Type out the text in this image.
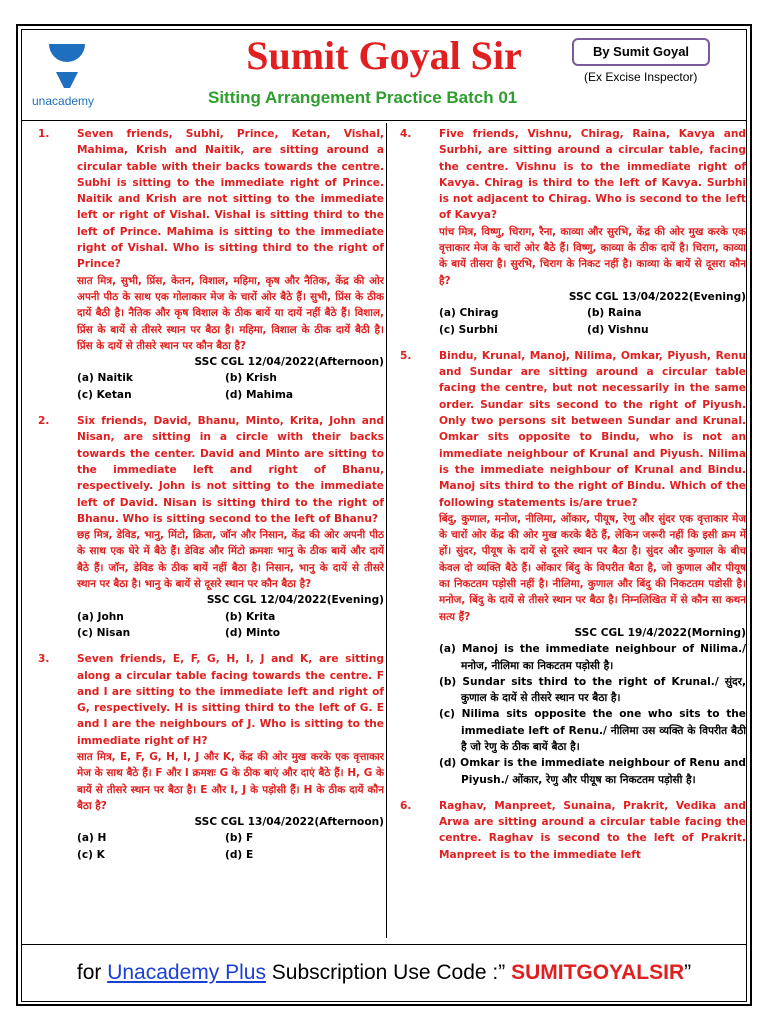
unacademy
Sumit Goyal Sir
Sitting Arrangement Practice Batch 01
By Sumit Goyal
(Ex Excise Inspector)
1.	Seven friends, Subhi, Prince, Ketan, Vishal, Mahima, Krish and Naitik, are sitting around a circular table with their backs towards the centre. Subhi is sitting to the immediate right of Prince. Naitik and Krish are not sitting to the immediate left or right of Vishal. Vishal is sitting third to the left of Prince. Mahima is sitting to the immediate right of Vishal. Who is sitting third to the right of Prince?
सात मित्र, सुभी, प्रिंस, केतन, विशाल, महिमा, कृष और नैतिक, केंद्र की ओर अपनी पीठ के साथ एक गोलाकार मेज के चारों ओर बैठे हैं। सुभी, प्रिंस के ठीक दायें बैठी है। नैतिक और कृष विशाल के ठीक बायें या दायें नहीं बैठे हैं। विशाल, प्रिंस के बायें से तीसरे स्थान पर बैठा है। महिमा, विशाल के ठीक दायें बैठी है। प्रिंस के दायें से तीसरे स्थान पर कौन बैठा है?
SSC CGL 12/04/2022(Afternoon)
(a) Naitik	(b) Krish
(c) Ketan	(d) Mahima
2.	Six friends, David, Bhanu, Minto, Krita, John and Nisan, are sitting in a circle with their backs towards the center. David and Minto are sitting to the immediate left and right of Bhanu, respectively. John is not sitting to the immediate left of David. Nisan is sitting third to the right of Bhanu. Who is sitting second to the left of Bhanu?
छह मित्र, डेविड, भानु, मिंटो, क्रिता, जॉन और निसान, केंद्र की ओर अपनी पीठ के साथ एक घेरे में बैठे हैं। डेविड और मिंटो क्रमशः भानु के ठीक बायें और दायें बैठे हैं। जॉन, डेविड के ठीक बायें नहीं बैठा है। निसान, भानु के दायें से तीसरे स्थान पर बैठा है। भानु के बायें से दूसरे स्थान पर कौन बैठा है?
SSC CGL 12/04/2022(Evening)
(a) John	(b) Krita
(c) Nisan	(d) Minto
3.	Seven friends, E, F, G, H, I, J and K, are sitting along a circular table facing towards the centre. F and I are sitting to the immediate left and right of G, respectively. H is sitting third to the left of G. E and I are the neighbours of J. Who is sitting to the immediate right of H?
सात मित्र, E, F, G, H, I, J और K, केंद्र की ओर मुख करके एक वृत्ताकार मेज के साथ बैठे हैं। F और I क्रमशः G के ठीक बाएं और दाएं बैठे हैं। H, G के बायें से तीसरे स्थान पर बैठा है। E और I, J के पड़ोसी हैं। H के ठीक दायें कौन बैठा है?
SSC CGL 13/04/2022(Afternoon)
(a) H	(b) F
(c) K	(d) E
4.	Five friends, Vishnu, Chirag, Raina, Kavya and Surbhi, are sitting around a circular table, facing the centre. Vishnu is to the immediate right of Kavya. Chirag is third to the left of Kavya. Surbhi is not adjacent to Chirag. Who is second to the left of Kavya?
पांच मित्र, विष्णु, चिराग, रैना, काव्या और सुरभि, केंद्र की ओर मुख करके एक वृत्ताकार मेज के चारों ओर बैठे हैं। विष्णु, काव्या के ठीक दायें है। चिराग, काव्या के बायें तीसरा है। सुरभि, चिराग के निकट नहीं है। काव्या के बायें से दूसरा कौन है?
SSC CGL 13/04/2022(Evening)
(a) Chirag	(b) Raina
(c) Surbhi	(d) Vishnu
5.	Bindu, Krunal, Manoj, Nilima, Omkar, Piyush, Renu and Sundar are sitting around a circular table facing the centre, but not necessarily in the same order. Sundar sits second to the right of Piyush. Only two persons sit between Sundar and Krunal. Omkar sits opposite to Bindu, who is not an immediate neighbour of Krunal and Piyush. Nilima is the immediate neighbour of Krunal and Bindu. Manoj sits third to the right of Bindu. Which of the following statements is/are true?
बिंदु, कुणाल, मनोज, नीलिमा, ओंकार, पीयूष, रेणु और सुंदर एक वृत्ताकार मेज के चारों ओर केंद्र की ओर मुख करके बैठे हैं, लेकिन जरूरी नहीं कि इसी क्रम में हों। सुंदर, पीयूष के दायें से दूसरे स्थान पर बैठा है। सुंदर और कुणाल के बीच केवल दो व्यक्ति बैठे हैं। ओंकार बिंदु के विपरीत बैठा है, जो कुणाल और पीयूष का निकटतम पड़ोसी नहीं है। नीलिमा, कुणाल और बिंदु की निकटतम पडोसी है। मनोज, बिंदु के दायें से तीसरे स्थान पर बैठा है। निम्नलिखित में से कौन सा कथन सत्य हैं?
SSC CGL 19/4/2022(Morning)
(a) Manoj is the immediate neighbour of Nilima./ मनोज, नीलिमा का निकटतम पड़ोसी है।
(b) Sundar sits third to the right of Krunal./ सुंदर, कुणाल के दायें से तीसरे स्थान पर बैठा है।
(c) Nilima sits opposite the one who sits to the immediate left of Renu./ नीलिमा उस व्यक्ति के विपरीत बैठी है जो रेणु के ठीक बायें बैठा है।
(d) Omkar is the immediate neighbour of Renu and Piyush./ ओंकार, रेणु और पीयूष का निकटतम पड़ोसी है।
6.	Raghav, Manpreet, Sunaina, Prakrit, Vedika and Arwa are sitting around a circular table facing the centre. Raghav is second to the left of Prakrit. Manpreet is to the immediate left
for Unacademy Plus Subscription Use Code :” SUMITGOYALSIR”
